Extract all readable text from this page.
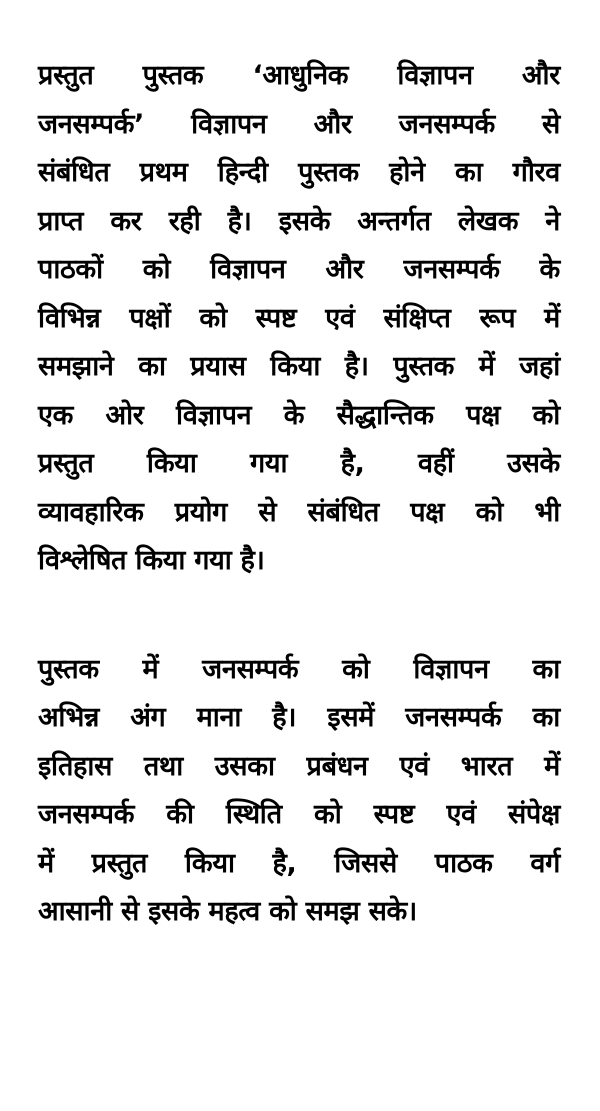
प्रस्तुत पुस्तक ‘आधुनिक विज्ञापन और
जनसम्पर्क’ विज्ञापन और जनसम्पर्क से
संबंधित प्रथम हिन्दी पुस्तक होने का गौरव
प्राप्त कर रही है। इसके अन्तर्गत लेखक ने
पाठकों को विज्ञापन और जनसम्पर्क के
विभिन्न पक्षों को स्पष्ट एवं संक्षिप्त रूप में
समझाने का प्रयास किया है। पुस्तक में जहां
एक ओर विज्ञापन के सैद्धान्तिक पक्ष को
प्रस्तुत किया गया है, वहीं उसके
व्यावहारिक प्रयोग से संबंधित पक्ष को भी
विश्लेषित किया गया है।

पुस्तक में जनसम्पर्क को विज्ञापन का
अभिन्न अंग माना है। इसमें जनसम्पर्क का
इतिहास तथा उसका प्रबंधन एवं भारत में
जनसम्पर्क की स्थिति को स्पष्ट एवं संपेक्ष
में प्रस्तुत किया है, जिससे पाठक वर्ग
आसानी से इसके महत्व को समझ सके।
